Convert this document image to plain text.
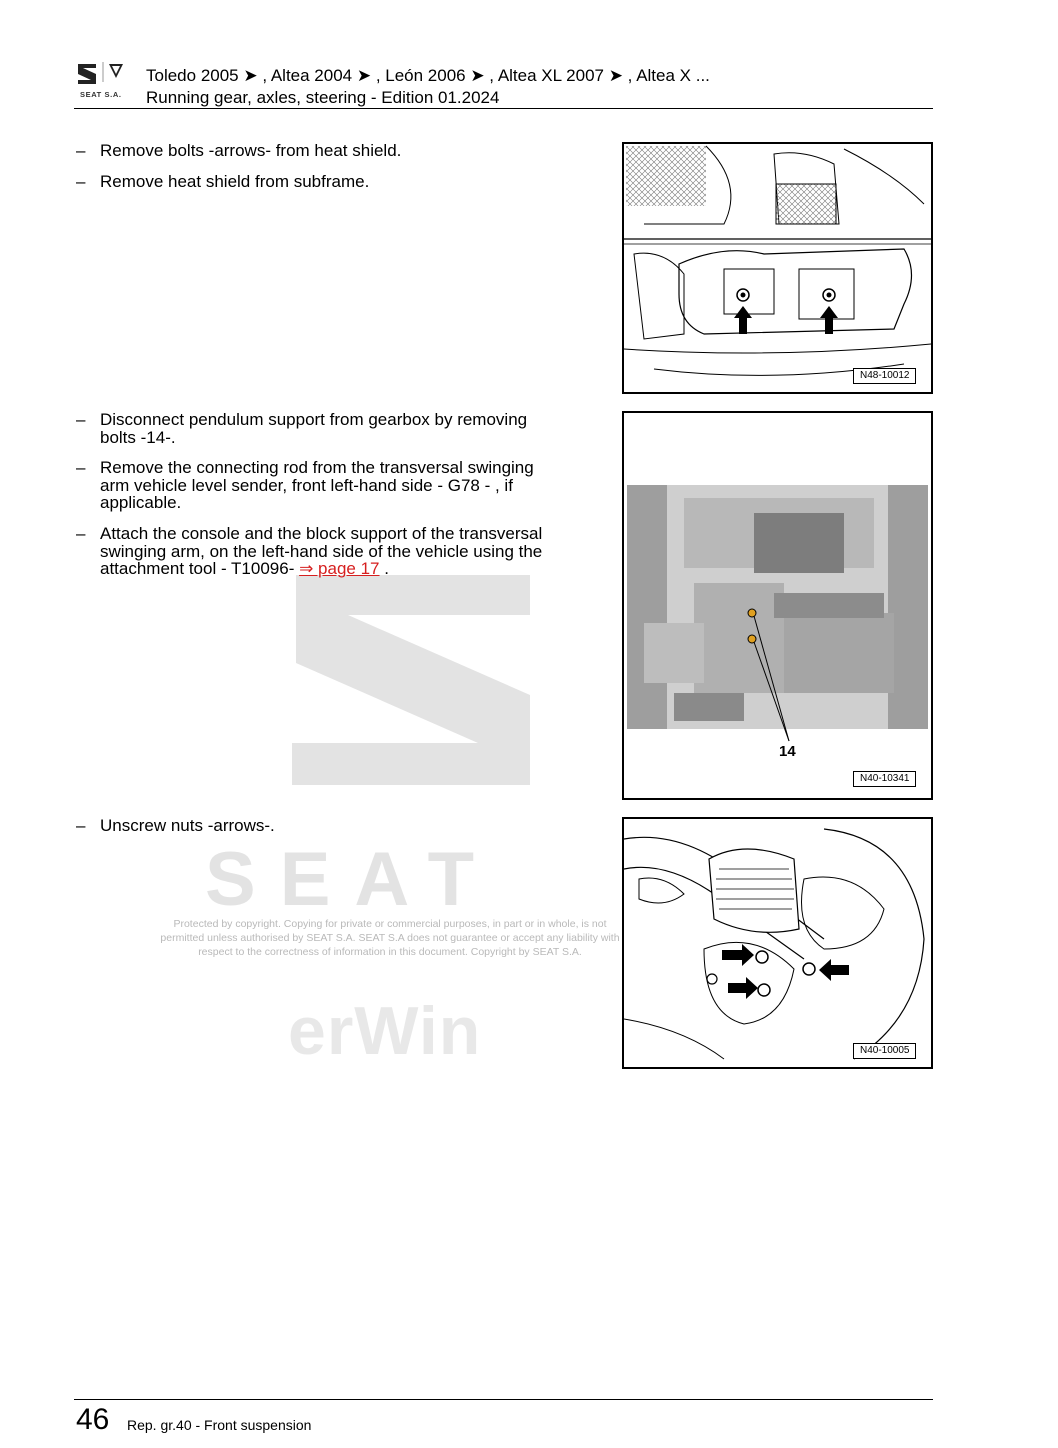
SEAT S.A.
Toledo 2005 ➤ , Altea 2004 ➤ , León 2006 ➤ , Altea XL 2007 ➤ , Altea X ...
Running gear, axles, steering - Edition 01.2024
SEAT
Protected by copyright. Copying for private or commercial purposes, in part or in whole, is not
permitted unless authorised by SEAT S.A. SEAT S.A does not guarantee or accept any liability with
respect to the correctness of information in this document. Copyright by SEAT S.A.
erWin
– Remove bolts -arrows- from heat shield.
– Remove heat shield from subframe.
– Disconnect pendulum support from gearbox by removing bolts -14-.
– Remove the connecting rod from the transversal swinging arm vehicle level sender, front left-hand side - G78 - , if applicable.
– Attach the console and the block support of the transversal swinging arm, on the left-hand side of the vehicle using the attachment tool - T10096- ⇒ page 17 .
– Unscrew nuts -arrows-.
N48-10012
14
N40-10341
N40-10005
46 Rep. gr.40 - Front suspension
